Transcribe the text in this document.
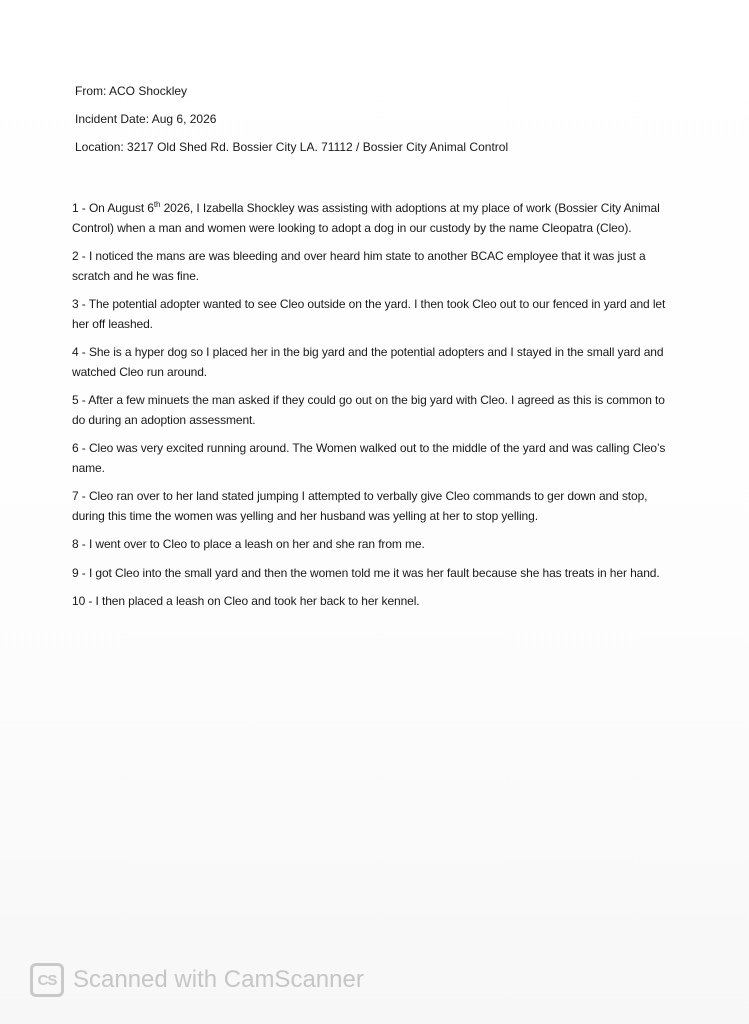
From: ACO Shockley
Incident Date: Aug 6, 2026
Location: 3217 Old Shed Rd. Bossier City LA. 71112 / Bossier City Animal Control

1 - On August 6th 2026, I Izabella Shockley was assisting with adoptions at my place of work (Bossier City Animal Control) when a man and women were looking to adopt a dog in our custody by the name Cleopatra (Cleo).

2 - I noticed the mans are was bleeding and over heard him state to another BCAC employee that it was just a scratch and he was fine.

3 - The potential adopter wanted to see Cleo outside on the yard. I then took Cleo out to our fenced in yard and let her off leashed.

4 - She is a hyper dog so I placed her in the big yard and the potential adopters and I stayed in the small yard and watched Cleo run around.

5 - After a few minuets the man asked if they could go out on the big yard with Cleo. I agreed as this is common to do during an adoption assessment.

6 - Cleo was very excited running around. The Women walked out to the middle of the yard and was calling Cleo’s name.

7 - Cleo ran over to her land stated jumping I attempted to verbally give Cleo commands to ger down and stop, during this time the women was yelling and her husband was yelling at her to stop yelling.

8 - I went over to Cleo to place a leash on her and she ran from me.

9 - I got Cleo into the small yard and then the women told me it was her fault because she has treats in her hand.

10 - I then placed a leash on Cleo and took her back to her kennel.

CS Scanned with CamScanner
